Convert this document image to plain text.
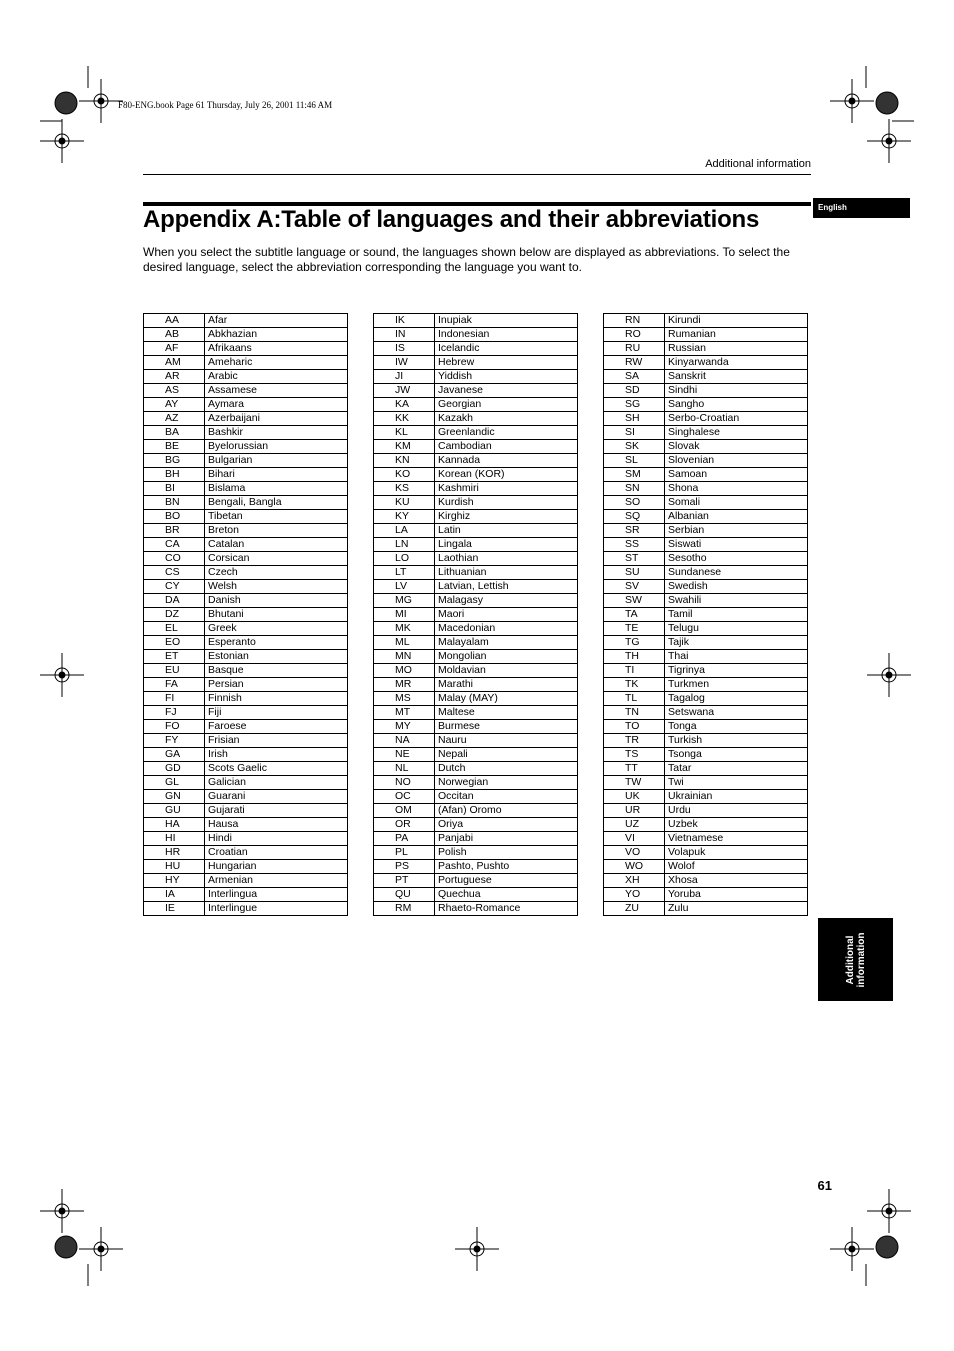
F80-ENG.book Page 61 Thursday, July 26, 2001 11:46 AM
Additional information
English
Appendix A:Table of languages and their abbreviations
When you select the subtitle language or sound, the languages shown below are displayed as abbreviations. To select the desired language, select the abbreviation corresponding the language you want to.
AA	Afar
AB	Abkhazian
AF	Afrikaans
AM	Ameharic
AR	Arabic
AS	Assamese
AY	Aymara
AZ	Azerbaijani
BA	Bashkir
BE	Byelorussian
BG	Bulgarian
BH	Bihari
BI	Bislama
BN	Bengali, Bangla
BO	Tibetan
BR	Breton
CA	Catalan
CO	Corsican
CS	Czech
CY	Welsh
DA	Danish
DZ	Bhutani
EL	Greek
EO	Esperanto
ET	Estonian
EU	Basque
FA	Persian
FI	Finnish
FJ	Fiji
FO	Faroese
FY	Frisian
GA	Irish
GD	Scots Gaelic
GL	Galician
GN	Guarani
GU	Gujarati
HA	Hausa
HI	Hindi
HR	Croatian
HU	Hungarian
HY	Armenian
IA	Interlingua
IE	Interlingue
IK	Inupiak
IN	Indonesian
IS	Icelandic
IW	Hebrew
JI	Yiddish
JW	Javanese
KA	Georgian
KK	Kazakh
KL	Greenlandic
KM	Cambodian
KN	Kannada
KO	Korean (KOR)
KS	Kashmiri
KU	Kurdish
KY	Kirghiz
LA	Latin
LN	Lingala
LO	Laothian
LT	Lithuanian
LV	Latvian, Lettish
MG	Malagasy
MI	Maori
MK	Macedonian
ML	Malayalam
MN	Mongolian
MO	Moldavian
MR	Marathi
MS	Malay (MAY)
MT	Maltese
MY	Burmese
NA	Nauru
NE	Nepali
NL	Dutch
NO	Norwegian
OC	Occitan
OM	(Afan) Oromo
OR	Oriya
PA	Panjabi
PL	Polish
PS	Pashto, Pushto
PT	Portuguese
QU	Quechua
RM	Rhaeto-Romance
RN	Kirundi
RO	Rumanian
RU	Russian
RW	Kinyarwanda
SA	Sanskrit
SD	Sindhi
SG	Sangho
SH	Serbo-Croatian
SI	Singhalese
SK	Slovak
SL	Slovenian
SM	Samoan
SN	Shona
SO	Somali
SQ	Albanian
SR	Serbian
SS	Siswati
ST	Sesotho
SU	Sundanese
SV	Swedish
SW	Swahili
TA	Tamil
TE	Telugu
TG	Tajik
TH	Thai
TI	Tigrinya
TK	Turkmen
TL	Tagalog
TN	Setswana
TO	Tonga
TR	Turkish
TS	Tsonga
TT	Tatar
TW	Twi
UK	Ukrainian
UR	Urdu
UZ	Uzbek
VI	Vietnamese
VO	Volapuk
WO	Wolof
XH	Xhosa
YO	Yoruba
ZU	Zulu
Additional
information
61
